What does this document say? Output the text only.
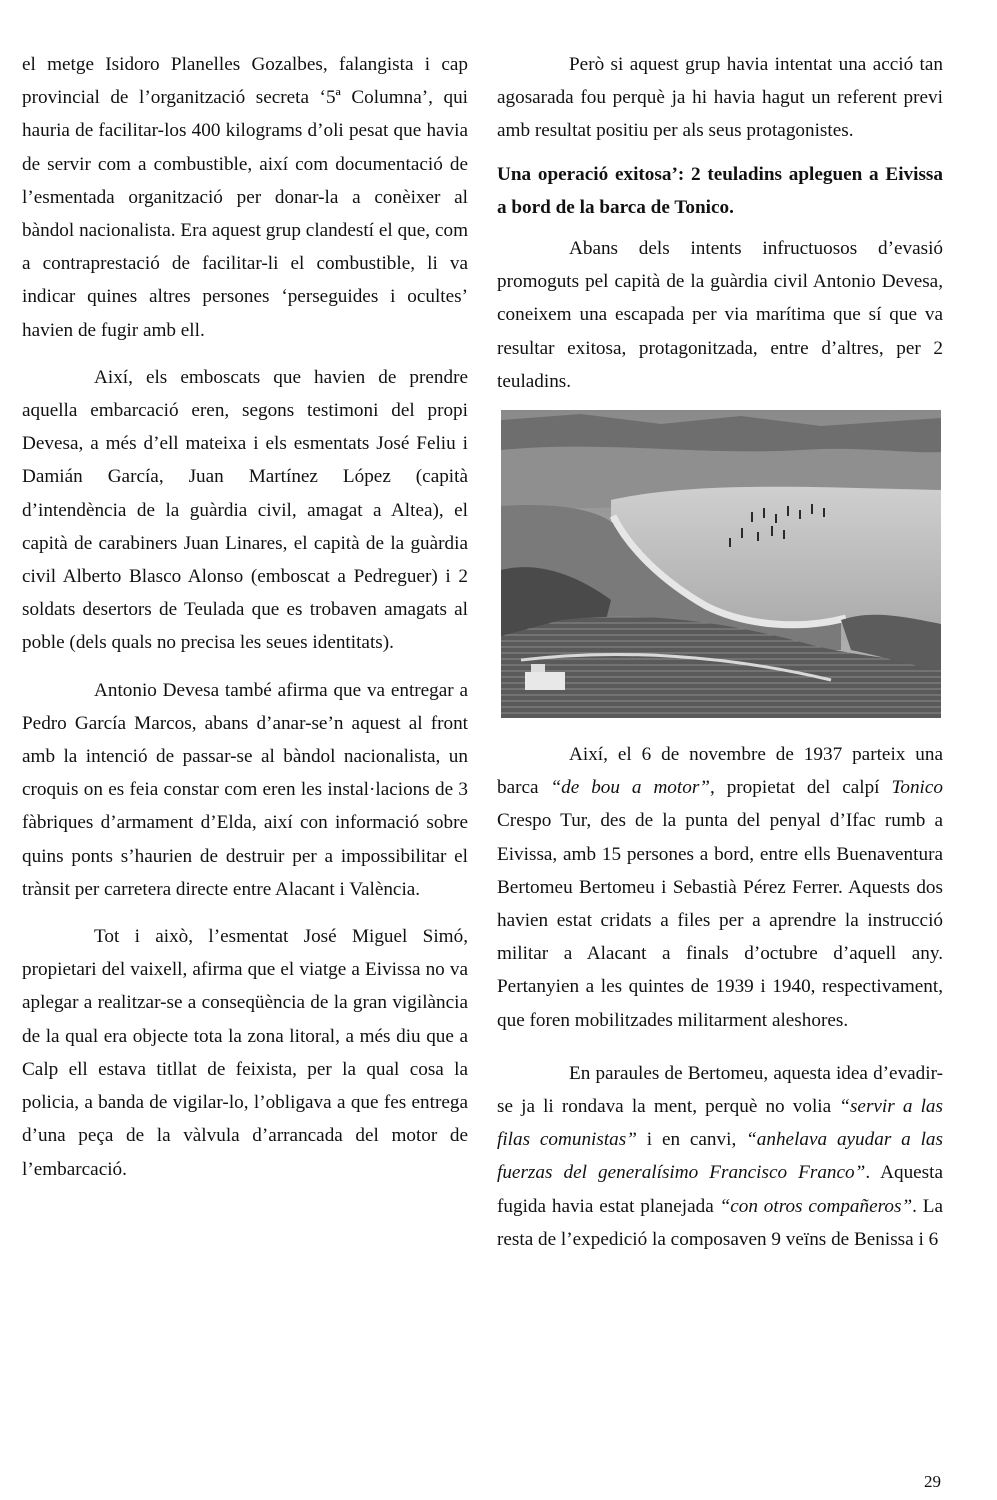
el metge Isidoro Planelles Gozalbes, falangista i cap provincial de l’organització secreta ‘5ª Columna’, qui hauria de facilitar-los 400 kilograms d’oli pesat que havia de servir com a combustible, així com documentació de l’esmentada organització per donar-la a conèixer al bàndol nacionalista. Era aquest grup clandestí el que, com a contraprestació de facilitar-li el combustible, li va indicar quines altres persones ‘perseguides i ocultes’ havien de fugir amb ell.

Així, els emboscats que havien de prendre aquella embarcació eren, segons testimoni del propi Devesa, a més d’ell mateixa i els esmentats José Feliu i Damián García, Juan Martínez López (capità d’intendència de la guàrdia civil, amagat a Altea), el capità de carabiners Juan Linares, el capità de la guàrdia civil Alberto Blasco Alonso (emboscat a Pedreguer) i 2 soldats desertors de Teulada que es trobaven amagats al poble (dels quals no precisa les seues identitats).

Antonio Devesa també afirma que va entregar a Pedro García Marcos, abans d’anar-se’n aquest al front amb la intenció de passar-se al bàndol nacionalista, un croquis on es feia constar com eren les instal·lacions de 3 fàbriques d’armament d’Elda, així con informació sobre quins ponts s’haurien de destruir per a impossibilitar el trànsit per carretera directe entre Alacant i València.

Tot i això, l’esmentat José Miguel Simó, propietari del vaixell, afirma que el viatge a Eivissa no va aplegar a realitzar-se a conseqüència de la gran vigilància de la qual era objecte tota la zona litoral, a més diu que a Calp ell estava titllat de feixista, per la qual cosa la policia, a banda de vigilar-lo, l’obligava a que fes entrega d’una peça de la vàlvula d’arrancada del motor de l’embarcació.

Però si aquest grup havia intentat una acció tan agosarada fou perquè ja hi havia hagut un referent previ amb resultat positiu per als seus protagonistes.

Una operació exitosa’: 2 teuladins apleguen a Eivissa a bord de la barca de Tonico.

Abans dels intents infructuosos d’evasió promoguts pel capità de la guàrdia civil Antonio Devesa, coneixem una escapada per via marítima que sí que va resultar exitosa, protagonitzada, entre d’altres, per 2 teuladins.

Així, el 6 de novembre de 1937 parteix una barca “de bou a motor”, propietat del calpí Tonico Crespo Tur, des de la punta del penyal d’Ifac rumb a Eivissa, amb 15 persones a bord, entre ells Buenaventura Bertomeu Bertomeu i Sebastià Pérez Ferrer. Aquests dos havien estat cridats a files per a aprendre la instrucció militar a Alacant a finals d’octubre d’aquell any. Pertanyien a les quintes de 1939 i 1940, respectivament, que foren mobilitzades militarment aleshores.

En paraules de Bertomeu, aquesta idea d’evadir-se ja li rondava la ment, perquè no volia “servir a las filas comunistas” i en canvi, “anhelava ayudar a las fuerzas del generalísimo Francisco Franco”. Aquesta fugida havia estat planejada “con otros compañeros”. La resta de l’expedició la composaven 9 veïns de Benissa i 6

29
